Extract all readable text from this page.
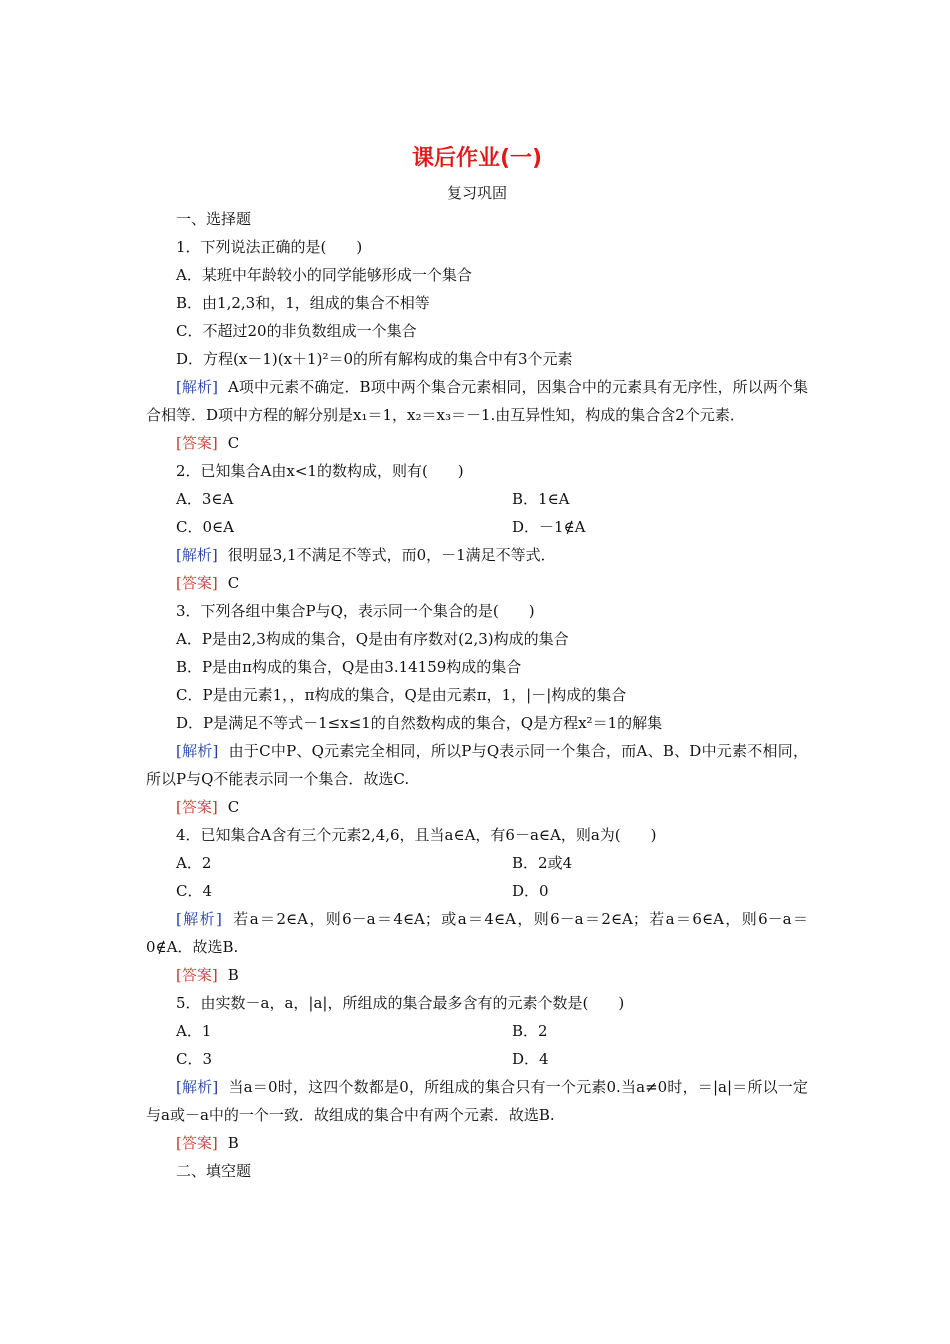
课后作业(一)
复习巩固
一、选择题
1．下列说法正确的是(　　)
A．某班中年龄较小的同学能够形成一个集合
B．由1,2,3和，1，组成的集合不相等
C．不超过20的非负数组成一个集合
D．方程(x－1)(x＋1)²＝0的所有解构成的集合中有3个元素
[解析] A项中元素不确定．B项中两个集合元素相同，因集合中的元素具有无序性，所以两个集合相等．D项中方程的解分别是x₁＝1，x₂＝x₃＝－1.由互异性知，构成的集合含2个元素．
[答案] C
2．已知集合A由x<1的数构成，则有(　　)
A．3∈A	B．1∈A
C．0∈A	D．－1∉A
[解析] 很明显3,1不满足不等式，而0，－1满足不等式．
[答案] C
3．下列各组中集合P与Q，表示同一个集合的是(　　)
A．P是由2,3构成的集合，Q是由有序数对(2,3)构成的集合
B．P是由π构成的集合，Q是由3.14159构成的集合
C．P是由元素1，，π构成的集合，Q是由元素π，1，|－|构成的集合
D．P是满足不等式－1≤x≤1的自然数构成的集合，Q是方程x²＝1的解集
[解析] 由于C中P、Q元素完全相同，所以P与Q表示同一个集合，而A、B、D中元素不相同，所以P与Q不能表示同一个集合．故选C.
[答案] C
4．已知集合A含有三个元素2,4,6，且当a∈A，有6－a∈A，则a为(　　)
A．2	B．2或4
C．4	D．0
[解析] 若a＝2∈A，则6－a＝4∈A；或a＝4∈A，则6－a＝2∈A；若a＝6∈A，则6－a＝0∉A．故选B.
[答案] B
5．由实数－a，a，|a|，所组成的集合最多含有的元素个数是(　　)
A．1	B．2
C．3	D．4
[解析] 当a＝0时，这四个数都是0，所组成的集合只有一个元素0.当a≠0时，＝|a|＝所以一定与a或－a中的一个一致．故组成的集合中有两个元素．故选B.
[答案] B
二、填空题
